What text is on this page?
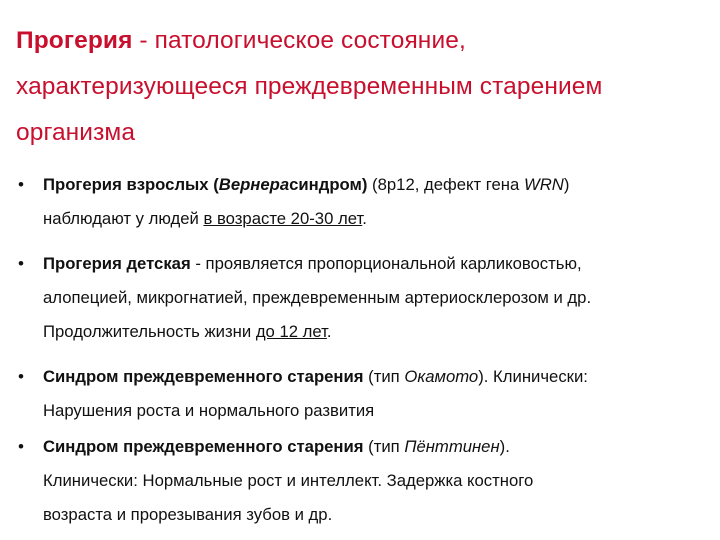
Прогерия - патологическое состояние,
характеризующееся преждевременным старением
организма
• Прогерия взрослых (Вернерасиндром) (8р12, дефект гена WRN)
наблюдают у людей в возрасте 20-30 лет.
• Прогерия детская - проявляется пропорциональной карликовостью,
алопецией, микрогнатией, преждевременным артериосклерозом и др.
Продолжительность жизни до 12 лет.
• Синдром преждевременного старения (тип Окамото). Клинически:
Нарушения роста и нормального развития
• Синдром преждевременного старения (тип Пёнттинен).
Клинически: Нормальные рост и интеллект. Задержка костного
возраста и прорезывания зубов и др.
